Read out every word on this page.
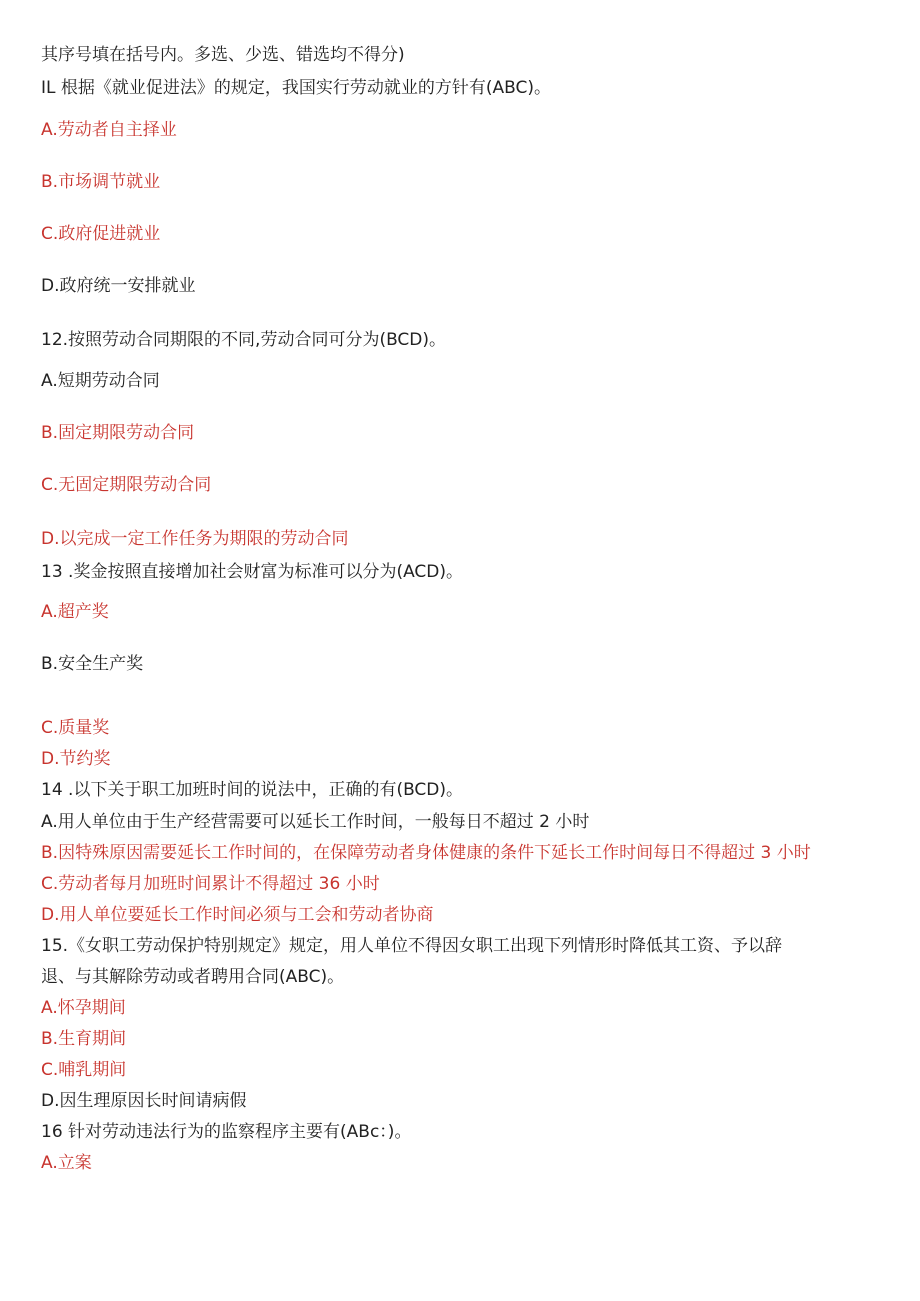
其序号填在括号内。多选、少选、错选均不得分)
IL 根据《就业促进法》的规定，我国实行劳动就业的方针有(ABC)。
A.劳动者自主择业
B.市场调节就业
C.政府促进就业
D.政府统一安排就业
12.按照劳动合同期限的不同,劳动合同可分为(BCD)。
A.短期劳动合同
B.固定期限劳动合同
C.无固定期限劳动合同
D.以完成一定工作任务为期限的劳动合同
13 .奖金按照直接增加社会财富为标准可以分为(ACD)。
A.超产奖
B.安全生产奖
C.质量奖
D.节约奖
14 .以下关于职工加班时间的说法中，正确的有(BCD)。
A.用人单位由于生产经营需要可以延长工作时间，一般每日不超过 2 小时
B.因特殊原因需要延长工作时间的，在保障劳动者身体健康的条件下延长工作时间每日不得超过 3 小时
C.劳动者每月加班时间累计不得超过 36 小时
D.用人单位要延长工作时间必须与工会和劳动者协商
15.《女职工劳动保护特别规定》规定，用人单位不得因女职工出现下列情形时降低其工资、予以辞
退、与其解除劳动或者聘用合同(ABC)。
A.怀孕期间
B.生育期间
C.哺乳期间
D.因生理原因长时间请病假
16 针对劳动违法行为的监察程序主要有(ABc：)。
A.立案
